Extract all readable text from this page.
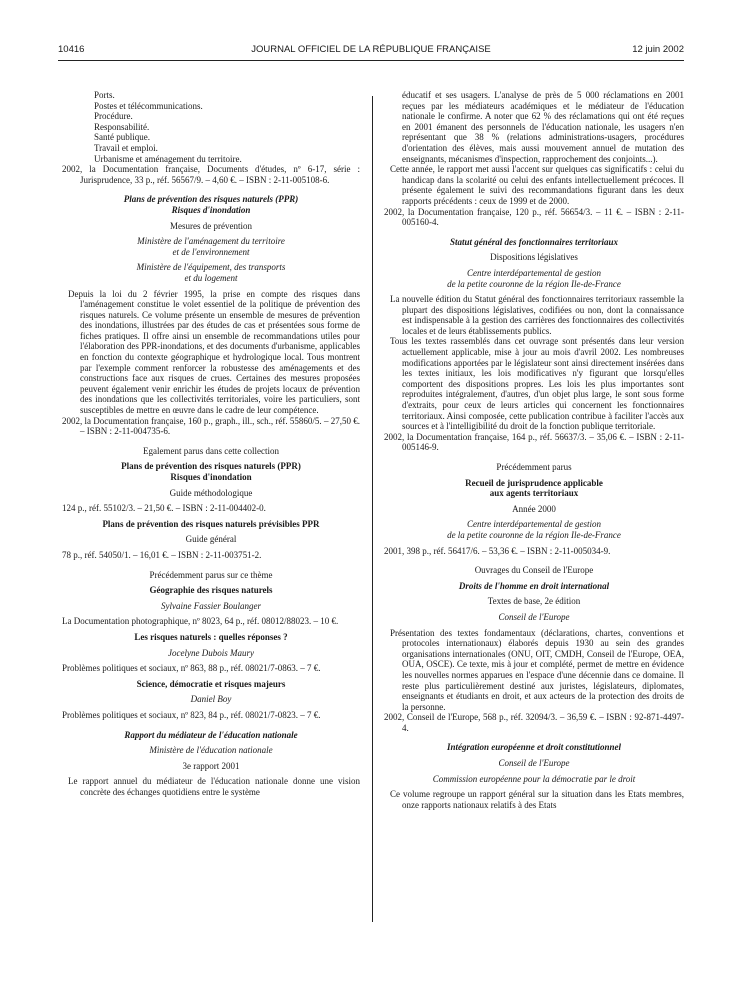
10416	JOURNAL OFFICIEL DE LA RÉPUBLIQUE FRANÇAISE	12 juin 2002

Ports.

Postes et télécommunications.

Procédure.

Responsabilité.

Santé publique.

Travail et emploi.

Urbanisme et aménagement du territoire.

2002, la Documentation française, Documents d'études, nº 6-17, série : Jurisprudence, 33 p., réf. 56567/9. – 4,60 €. – ISBN : 2-11-005108-6.

Plans de prévention des risques naturels (PPR)

Risques d'inondation

Mesures de prévention

Ministère de l'aménagement du territoire

et de l'environnement

Ministère de l'équipement, des transports

et du logement

Depuis la loi du 2 février 1995, la prise en compte des risques dans l'aménagement constitue le volet essentiel de la politique de prévention des risques naturels. Ce volume présente un ensemble de mesures de prévention des inondations, illustrées par des études de cas et présentées sous forme de fiches pratiques. Il offre ainsi un ensemble de recommandations utiles pour l'élaboration des PPR-inondations, et des documents d'urbanisme, applicables en fonction du contexte géographique et hydrologique local. Tous montrent par l'exemple comment renforcer la robustesse des aménagements et des constructions face aux risques de crues. Certaines des mesures proposées peuvent également venir enrichir les études de projets locaux de prévention des inondations que les collectivités territoriales, voire les particuliers, sont susceptibles de mettre en œuvre dans le cadre de leur compétence.

2002, la Documentation française, 160 p., graph., ill., sch., réf. 55860/5. – 27,50 €. – ISBN : 2-11-004735-6.

Egalement parus dans cette collection

Plans de prévention des risques naturels (PPR)

Risques d'inondation

Guide méthodologique

124 p., réf. 55102/3. – 21,50 €. – ISBN : 2-11-004402-0.

Plans de prévention des risques naturels prévisibles PPR

Guide général

78 p., réf. 54050/1. – 16,01 €. – ISBN : 2-11-003751-2.

Précédemment parus sur ce thème

Géographie des risques naturels

Sylvaine Fassier Boulanger

La Documentation photographique, nº 8023, 64 p., réf. 08012/88023. – 10 €.

Les risques naturels : quelles réponses ?

Jocelyne Dubois Maury

Problèmes politiques et sociaux, nº 863, 88 p., réf. 08021/7-0863. – 7 €.

Science, démocratie et risques majeurs

Daniel Boy

Problèmes politiques et sociaux, nº 823, 84 p., réf. 08021/7-0823. – 7 €.

Rapport du médiateur de l'éducation nationale

Ministère de l'éducation nationale

3e rapport 2001

Le rapport annuel du médiateur de l'éducation nationale donne une vision concrète des échanges quotidiens entre le système

éducatif et ses usagers. L'analyse de près de 5 000 réclamations en 2001 reçues par les médiateurs académiques et le médiateur de l'éducation nationale le confirme. A noter que 62 % des réclamations qui ont été reçues en 2001 émanent des personnels de l'éducation nationale, les usagers n'en représentant que 38 % (relations administrations-usagers, procédures d'orientation des élèves, mais aussi mouvement annuel de mutation des enseignants, mécanismes d'inspection, rapprochement des conjoints...).

Cette année, le rapport met aussi l'accent sur quelques cas significatifs : celui du handicap dans la scolarité ou celui des enfants intellectuellement précoces. Il présente également le suivi des recommandations figurant dans les deux rapports précédents : ceux de 1999 et de 2000.

2002, la Documentation française, 120 p., réf. 56654/3. – 11 €. – ISBN : 2-11-005160-4.

Statut général des fonctionnaires territoriaux

Dispositions législatives

Centre interdépartemental de gestion

de la petite couronne de la région Ile-de-France

La nouvelle édition du Statut général des fonctionnaires territoriaux rassemble la plupart des dispositions législatives, codifiées ou non, dont la connaissance est indispensable à la gestion des carrières des fonctionnaires des collectivités locales et de leurs établissements publics.

Tous les textes rassemblés dans cet ouvrage sont présentés dans leur version actuellement applicable, mise à jour au mois d'avril 2002. Les nombreuses modifications apportées par le législateur sont ainsi directement insérées dans les textes initiaux, les lois modificatives n'y figurant que lorsqu'elles comportent des dispositions propres. Les lois les plus importantes sont reproduites intégralement, d'autres, d'un objet plus large, le sont sous forme d'extraits, pour ceux de leurs articles qui concernent les fonctionnaires territoriaux. Ainsi composée, cette publication contribue à faciliter l'accès aux sources et à l'intelligibilité du droit de la fonction publique territoriale.

2002, la Documentation française, 164 p., réf. 56637/3. – 35,06 €. – ISBN : 2-11-005146-9.

Précédemment parus

Recueil de jurisprudence applicable

aux agents territoriaux

Année 2000

Centre interdépartemental de gestion

de la petite couronne de la région Ile-de-France

2001, 398 p., réf. 56417/6. – 53,36 €. – ISBN : 2-11-005034-9.

Ouvrages du Conseil de l'Europe

Droits de l'homme en droit international

Textes de base, 2e édition

Conseil de l'Europe

Présentation des textes fondamentaux (déclarations, chartes, conventions et protocoles internationaux) élaborés depuis 1930 au sein des grandes organisations internationales (ONU, OIT, CMDH, Conseil de l'Europe, OEA, OUA, OSCE). Ce texte, mis à jour et complété, permet de mettre en évidence les nouvelles normes apparues en l'espace d'une décennie dans ce domaine. Il reste plus particulièrement destiné aux juristes, législateurs, diplomates, enseignants et étudiants en droit, et aux acteurs de la protection des droits de la personne.

2002, Conseil de l'Europe, 568 p., réf. 32094/3. – 36,59 €. – ISBN : 92-871-4497-4.

Intégration européenne et droit constitutionnel

Conseil de l'Europe

Commission européenne pour la démocratie par le droit

Ce volume regroupe un rapport général sur la situation dans les Etats membres, onze rapports nationaux relatifs à des Etats
